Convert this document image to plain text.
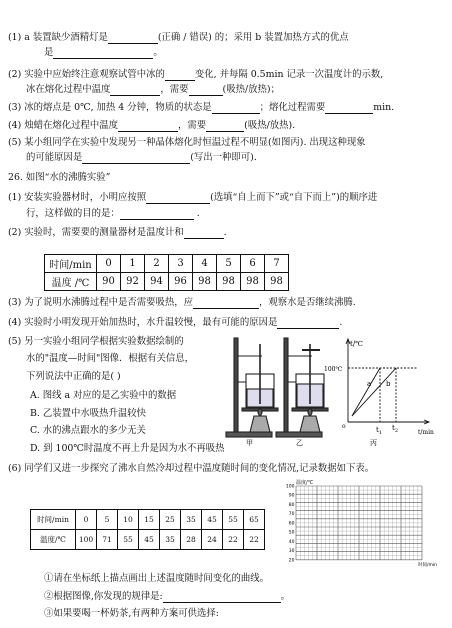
(1) a 装置缺少酒精灯是	(正确 / 错误) 的；采用 b 装置加热方式的优点
是	。
(2) 实验中应始终注意观察试管中冰的	变化, 并每隔 0.5min 记录一次温度计的示数,
冰在熔化过程中温度	，需要	(吸热/放热)；
(3) 冰的熔点是 0℃, 加热 4 分钟，物质的状态是	；熔化过程需要	min.
(4) 烛蜡在熔化过程中温度	，需要	(吸热/放热).
(5) 某小组同学在实验中发现另一种晶体熔化时恒温过程不明显(如图丙). 出现这种现象
的可能原因是	(写出一种即可).
26. 如图“水的沸腾实验”
(1) 安装实验器材时，小明应按照	(选填“自上而下”或“自下而上”)的顺序进
行，这样做的目的是：	.
(2) 实验时，需要要的测量器材是温度计和	.
(3) 为了说明水沸腾过程中是否需要吸热，应	，观察水是否继续沸腾.
(4) 实验时小明发现开始加热时，水升温较慢，最有可能的原因是	.
(5) 另一实验小组同学根据实验数据绘制的
水的"温度—时间"图像．根据有关信息，
下列说法中正确的是( )
A. 图线 a 对应的是乙实验中的数据
B. 乙装置中水吸热升温较快
C. 水的沸点跟水的多少无关
D. 到 100℃时温度不再上升是因为水不再吸热
(6) 同学们又进一步探究了沸水自然冷却过程中温度随时间的变化情况,记录数据如下表。
①请在坐标纸上描点画出上述温度随时间变化的曲线。
②根据图像,你发现的规律是:	。
③如果要喝一杯奶茶,有两种方案可供选择:
时间/min	0	1	2	3	4	5	6	7
温度 /℃	90	92	94	96	98	98	98	98
时间/min	0	5	10	15	25	35	45	55	65
温度/℃	100	71	55	45	35	28	24	22	22
甲	乙
t/℃
t/min
100℃
a b
$t_1$
$t_2$
o
丙
温度/℃
时间/min
100
90
80
70
60
50
40
30
20
